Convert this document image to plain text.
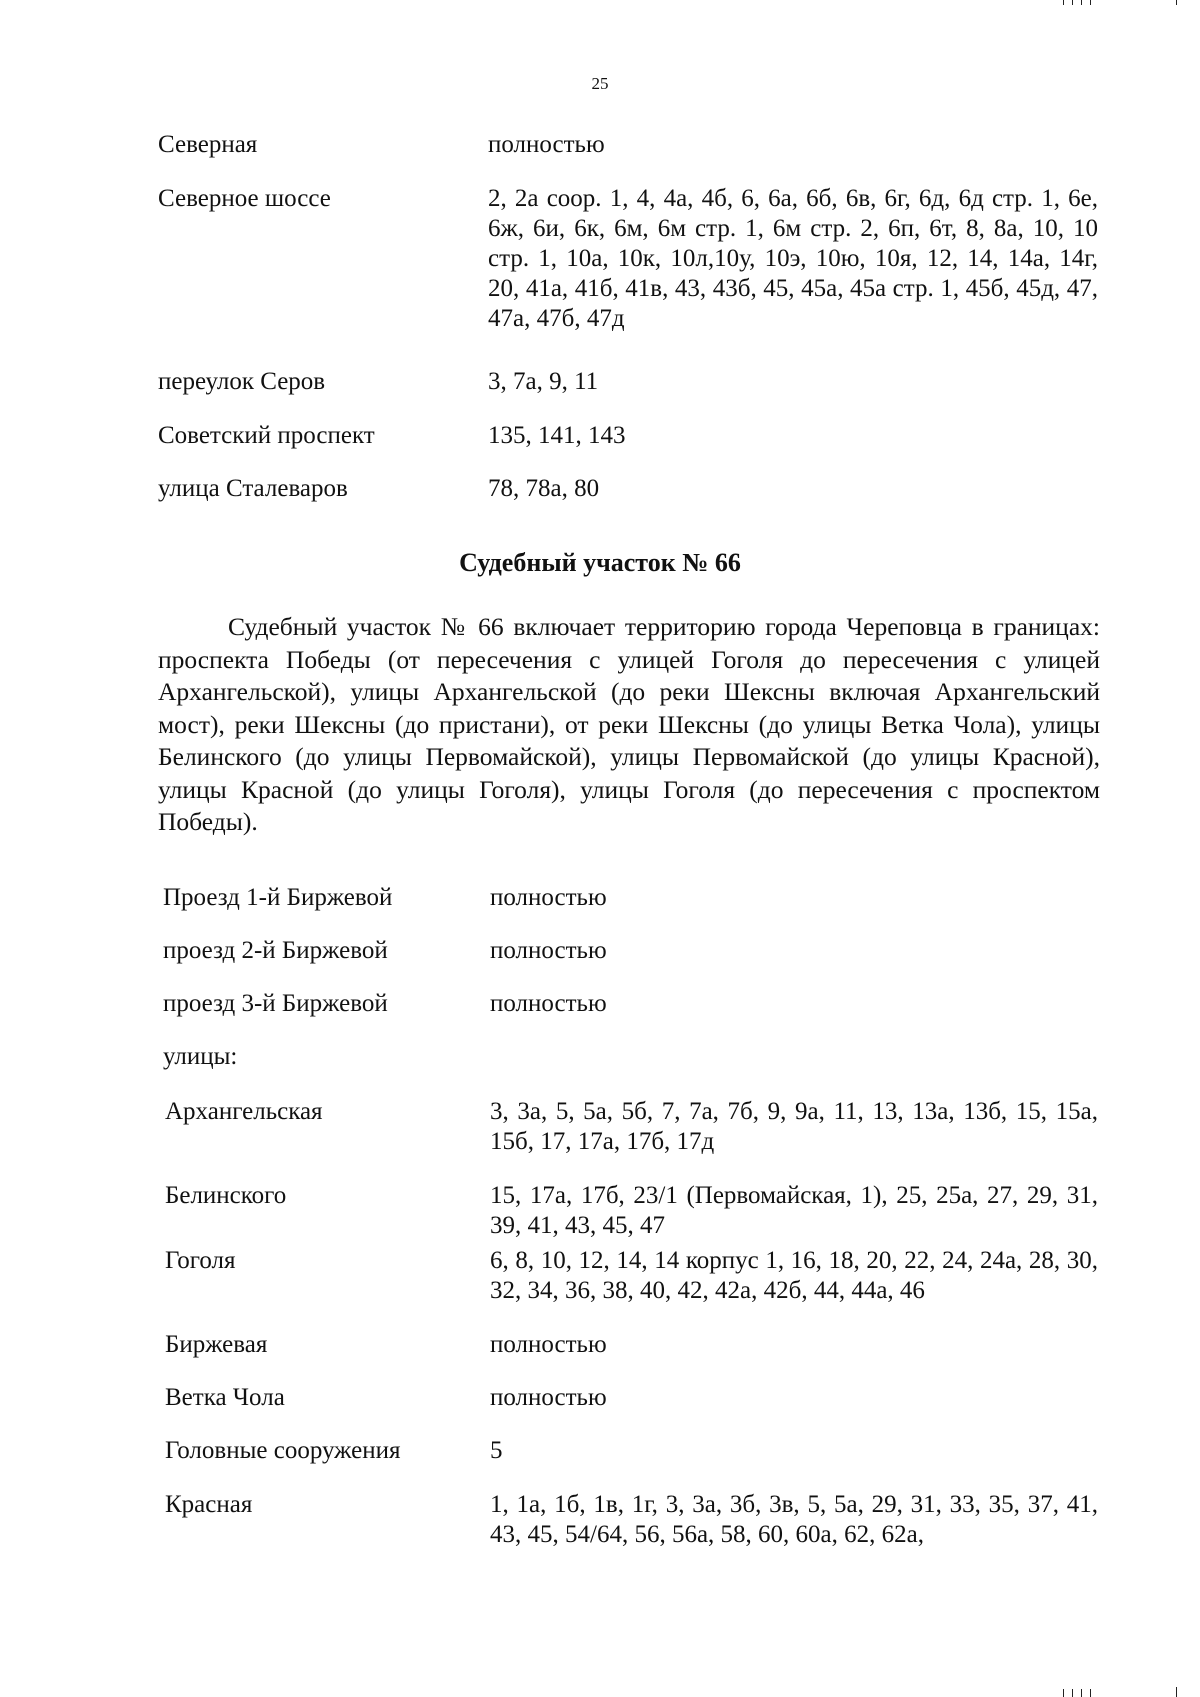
25
Северная	полностью
Северное шоссе	2, 2а соор. 1, 4, 4а, 4б, 6, 6а, 6б, 6в, 6г, 6д, 6д стр. 1, 6е, 6ж, 6и, 6к, 6м, 6м стр. 1, 6м стр. 2, 6п, 6т, 8, 8а, 10, 10 стр. 1, 10а, 10к, 10л,10у, 10э, 10ю, 10я, 12, 14, 14а, 14г, 20, 41а, 41б, 41в, 43, 43б, 45, 45а, 45а стр. 1, 45б, 45д, 47, 47а, 47б, 47д
переулок Серов	3, 7а, 9, 11
Советский проспект	135, 141, 143
улица Сталеваров	78, 78а, 80
Судебный участок № 66
Судебный участок № 66 включает территорию города Череповца в границах: проспекта Победы (от пересечения с улицей Гоголя до пересечения с улицей Архангельской), улицы Архангельской (до реки Шексны включая Архангельский мост), реки Шексны (до пристани), от реки Шексны (до улицы Ветка Чола), улицы Белинского (до улицы Первомайской), улицы Первомайской (до улицы Красной), улицы Красной (до улицы Гоголя), улицы Гоголя (до пересечения с проспектом Победы).
Проезд 1-й Биржевой	полностью
проезд 2-й Биржевой	полностью
проезд 3-й Биржевой	полностью
улицы:
Архангельская	3, 3а, 5, 5а, 5б, 7, 7а, 7б, 9, 9а, 11, 13, 13а, 13б, 15, 15а, 15б, 17, 17а, 17б, 17д
Белинского	15, 17а, 17б, 23/1 (Первомайская, 1), 25, 25а, 27, 29, 31, 39, 41, 43, 45, 47
Гоголя	6, 8, 10, 12, 14, 14 корпус 1, 16, 18, 20, 22, 24, 24а, 28, 30, 32, 34, 36, 38, 40, 42, 42а, 42б, 44, 44а, 46
Биржевая	полностью
Ветка Чола	полностью
Головные сооружения	5
Красная	1, 1а, 1б, 1в, 1г, 3, 3а, 3б, 3в, 5, 5а, 29, 31, 33, 35, 37, 41, 43, 45, 54/64, 56, 56а, 58, 60, 60а, 62, 62а,
